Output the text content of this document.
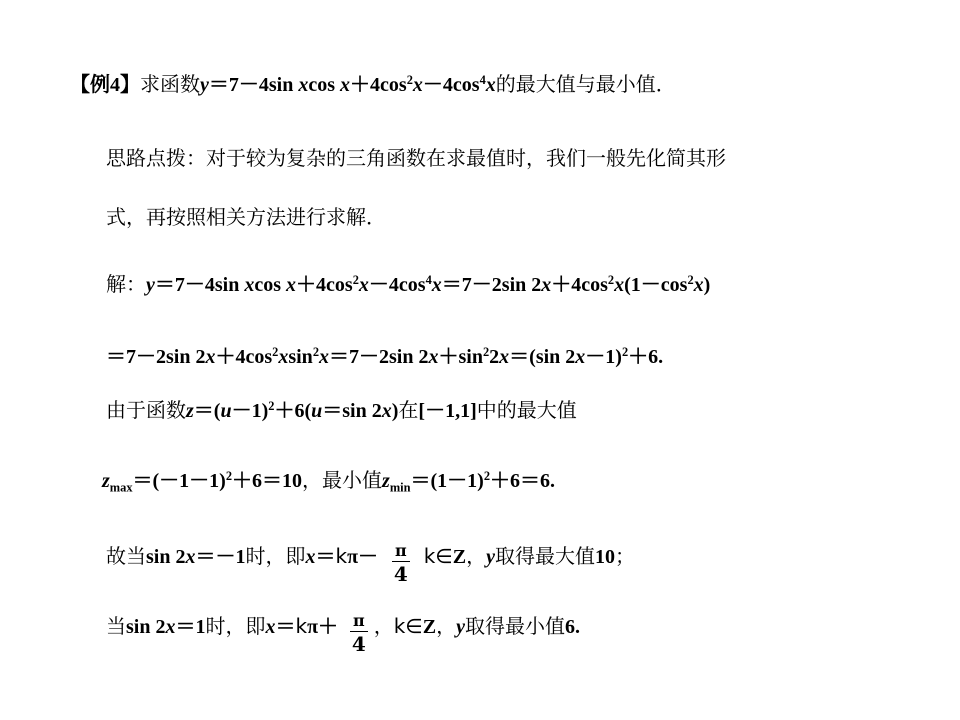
【例4】求函数y＝7－4sin xcos $x+4\cos^2x-4\cos^4x$的最大值与最小值．
思路点拨：对于较为复杂的三角函数在求最值时，我们一般先化简其形
式，再按照相关方法进行求解．
解：y＝7－4sin xcos $x+4\cos^2x-4\cos^4x=7-2\sin$ $2x+4\cos^2x(1-\cos^2x)$
＝7－2sin $2x+4\cos^2xsin^2x=7-2\sin$ $2x+\sin^22x=(\sin$ 2x－1)$^2$＋6.
由于函数$z=(u-1)^2+6(u=\sin$ 2x)在[－1,1]中的最大值
$z_{max}=(-1-1)^2+6=10$，最小值$z_{min}=(1-1)^2+6=6$.
故当sin 2x＝－1时，即$x=k\pi- \frac{\pi}{4}$ k∈Z，y取得最大值10；
当sin 2x＝1时，即$x=k\pi+ \frac{\pi}{4}$ ，k∈Z，y取得最小值6.
